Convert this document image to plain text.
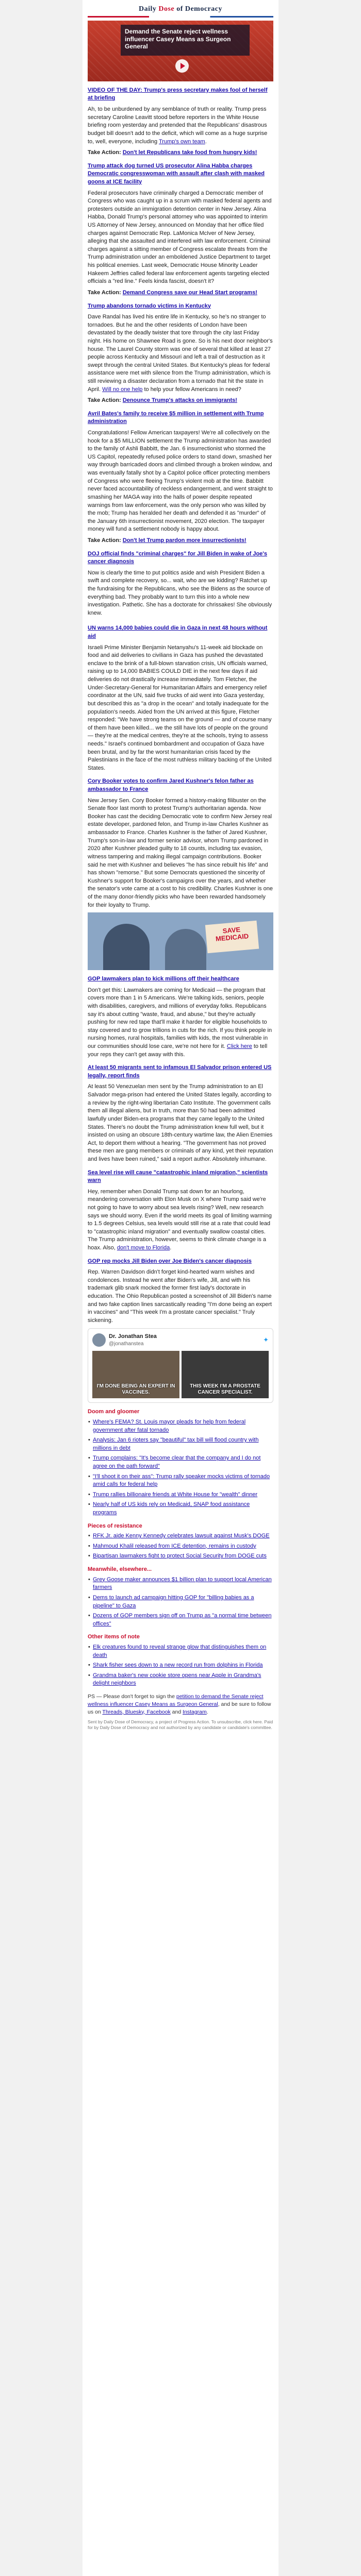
Daily Dose of Democracy

Demand the Senate reject wellness influencer Casey Means as Surgeon General

VIDEO OF THE DAY: Trump's press secretary makes fool of herself at briefing

Ah, to be unburdened by any semblance of truth or reality. Trump press secretary Caroline Leavitt stood before reporters in the White House briefing room yesterday and pretended that the Republicans' disastrous budget bill doesn't add to the deficit, which will come as a huge surprise to, well, everyone, including Trump's own team.

Take Action: Don't let Republicans take food from hungry kids!

Trump attack dog turned US prosecutor Alina Habba charges Democratic congresswoman with assault after clash with masked goons at ICE facility

Federal prosecutors have criminally charged a Democratic member of Congress who was caught up in a scrum with masked federal agents and protesters outside an immigration detention center in New Jersey. Alina Habba, Donald Trump's personal attorney who was appointed to interim US Attorney of New Jersey, announced on Monday that her office filed charges against Democratic Rep. LaMonica McIver of New Jersey, alleging that she assaulted and interfered with law enforcement. Criminal charges against a sitting member of Congress escalate threats from the Trump administration under an emboldened Justice Department to target his political enemies. Last week, Democratic House Minority Leader Hakeem Jeffries called federal law enforcement agents targeting elected officials a "red line." Feels kinda fascist, doesn't it?

Take Action: Demand Congress save our Head Start programs!

Trump abandons tornado victims in Kentucky

Dave Randal has lived his entire life in Kentucky, so he's no stranger to tornadoes. But he and the other residents of London have been devastated by the deadly twister that tore through the city last Friday night. His home on Shawnee Road is gone. So is his next door neighbor's house. The Laurel County storm was one of several that killed at least 27 people across Kentucky and Missouri and left a trail of destruction as it swept through the central United States. But Kentucky's pleas for federal assistance were met with silence from the Trump administration, which is still reviewing a disaster declaration from a tornado that hit the state in April. Will no one help to help your fellow Americans in need?

Take Action: Denounce Trump's attacks on immigrants!

Avril Bates's family to receive $5 million in settlement with Trump administration

Congratulations! Fellow American taxpayers! We're all collectively on the hook for a $5 MILLION settlement the Trump administration has awarded to the family of Ashli Babbitt, the Jan. 6 insurrectionist who stormed the US Capitol, repeatedly refused police orders to stand down, smashed her way through barricaded doors and climbed through a broken window, and was eventually fatally shot by a Capitol police officer protecting members of Congress who were fleeing Trump's violent mob at the time. Babbitt never faced accountability of reckless endangerment, and went straight to smashing her MAGA way into the halls of power despite repeated warnings from law enforcement, was the only person who was killed by the mob; Trump has heralded her death and defended it as "murder" of the January 6th insurrectionist movement, 2020 election. The taxpayer money will fund a settlement nobody is happy about.

Take Action: Don't let Trump pardon more insurrectionists!

DOJ official finds "criminal charges" for Jill Biden in wake of Joe's cancer diagnosis

Now is clearly the time to put politics aside and wish President Biden a swift and complete recovery, so... wait, who are we kidding? Ratchet up the fundraising for the Republicans, who see the Bidens as the source of everything bad. They probably want to turn this into a whole new investigation. Pathetic. She has a doctorate for chrissakes! She obviously knew.

UN warns 14,000 babies could die in Gaza in next 48 hours without aid

Israeli Prime Minister Benjamin Netanyahu's 11-week aid blockade on food and aid deliveries to civilians in Gaza has pushed the devastated enclave to the brink of a full-blown starvation crisis, UN officials warned, raising up to 14,000 BABIES COULD DIE in the next few days if aid deliveries do not drastically increase immediately. Tom Fletcher, the Under-Secretary-General for Humanitarian Affairs and emergency relief coordinator at the UN, said five trucks of aid went into Gaza yesterday, but described this as "a drop in the ocean" and totally inadequate for the population's needs. Aided from the UN arrived at this figure, Fletcher responded: "We have strong teams on the ground — and of course many of them have been killed... we the still have lots of people on the ground — they're at the medical centres, they're at the schools, trying to assess needs." Israel's continued bombardment and occupation of Gaza have been brutal, and by far the worst humanitarian crisis faced by the Palestinians in the face of the most ruthless military backing of the United States.

Cory Booker votes to confirm Jared Kushner's felon father as ambassador to France

New Jersey Sen. Cory Booker formed a history-making filibuster on the Senate floor last month to protest Trump's authoritarian agenda. Now Booker has cast the deciding Democratic vote to confirm New Jersey real estate developer, pardoned felon, and Trump in-law Charles Kushner as ambassador to France. Charles Kushner is the father of Jared Kushner, Trump's son-in-law and former senior advisor, whom Trump pardoned in 2020 after Kushner pleaded guilty to 18 counts, including tax evasion, witness tampering and making illegal campaign contributions. Booker said he met with Kushner and believes "he has since rebuilt his life" and has shown "remorse." But some Democrats questioned the sincerity of Kushner's support for Booker's campaigns over the years, and whether the senator's vote came at a cost to his credibility. Charles Kushner is one of the many donor-friendly picks who have been rewarded handsomely for their loyalty to Trump.

SAVE
MEDICAID

GOP lawmakers plan to kick millions off their healthcare

Don't get this: Lawmakers are coming for Medicaid — the program that covers more than 1 in 5 Americans. We're talking kids, seniors, people with disabilities, caregivers, and millions of everyday folks. Republicans say it's about cutting "waste, fraud, and abuse," but they're actually pushing for new red tape that'll make it harder for eligible households to stay covered and to grow trillions in cuts for the rich. If you think people in nursing homes, rural hospitals, families with kids, the most vulnerable in our communities should lose care, we're not here for it. Click here to tell your reps they can't get away with this.

At least 50 migrants sent to infamous El Salvador prison entered US legally, report finds

At least 50 Venezuelan men sent by the Trump administration to an El Salvador mega-prison had entered the United States legally, according to a review by the right-wing libertarian Cato Institute. The government calls them all illegal aliens, but in truth, more than 50 had been admitted lawfully under Biden-era programs that they came legally to the United States. There's no doubt the Trump administration knew full well, but it insisted on using an obscure 18th-century wartime law, the Alien Enemies Act, to deport them without a hearing. "The government has not proved these men are gang members or criminals of any kind, yet their reputation and lives have been ruined," said a report author. Absolutely inhumane.

Sea level rise will cause "catastrophic inland migration," scientists warn

Hey, remember when Donald Trump sat down for an hourlong, meandering conversation with Elon Musk on X where Trump said we're not going to have to worry about sea levels rising? Well, new research says we should worry. Even if the world meets its goal of limiting warming to 1.5 degrees Celsius, sea levels would still rise at a rate that could lead to "catastrophic inland migration" and eventually swallow coastal cities. The Trump administration, however, seems to think climate change is a hoax. Also, don't move to Florida.

GOP rep mocks Jill Biden over Joe Biden's cancer diagnosis

Rep. Warren Davidson didn't forget kind-hearted warm wishes and condolences. Instead he went after Biden's wife, Jill, and with his trademark glib snark mocked the former first lady's doctorate in education. The Ohio Republican posted a screenshot of Jill Biden's name and two fake caption lines sarcastically reading "I'm done being an expert in vaccines" and "This week I'm a prostate cancer specialist." Truly sickening.

Dr. Jonathan Stea
@jonathanstea
✦
I'M DONE BEING AN EXPERT IN VACCINES.
THIS WEEK I'M A PROSTATE CANCER SPECIALIST.
Doom and gloomer
• Where's FEMA? St. Louis mayor pleads for help from federal government after fatal tornado
• Analysis: Jan 6 rioters say "beautiful" tax bill will flood country with millions in debt
• Trump complains: "It's become clear that the company and I do not agree on the path forward"
• "I'll shoot it on their ass": Trump rally speaker mocks victims of tornado amid calls for federal help
• Trump rallies billionaire friends at White House for "wealth" dinner
• Nearly half of US kids rely on Medicaid, SNAP food assistance programs
Pieces of resistance
• RFK Jr. aide Kenny Kennedy celebrates lawsuit against Musk's DOGE
• Mahmoud Khalil released from ICE detention, remains in custody
• Bipartisan lawmakers fight to protect Social Security from DOGE cuts
Meanwhile, elsewhere...
• Grey Goose maker announces $1 billion plan to support local American farmers
• Dems to launch ad campaign hitting GOP for "billing babies as a pipeline" to Gaza
• Dozens of GOP members sign off on Trump as "a normal time between offices"
Other items of note
• Elk creatures found to reveal strange glow that distinguishes them on death
• Shark fisher sees down to a new record run from dolphins in Florida
• Grandma baker's new cookie store opens near Apple in Grandma's delight neighbors

PS — Please don't forget to sign the petition to demand the Senate reject wellness influencer Casey Means as Surgeon General, and be sure to follow us on Threads, Bluesky, Facebook and Instagram.

Sent by Daily Dose of Democracy, a project of Progress Action. To unsubscribe, click here. Paid for by Daily Dose of Democracy and not authorized by any candidate or candidate's committee.
